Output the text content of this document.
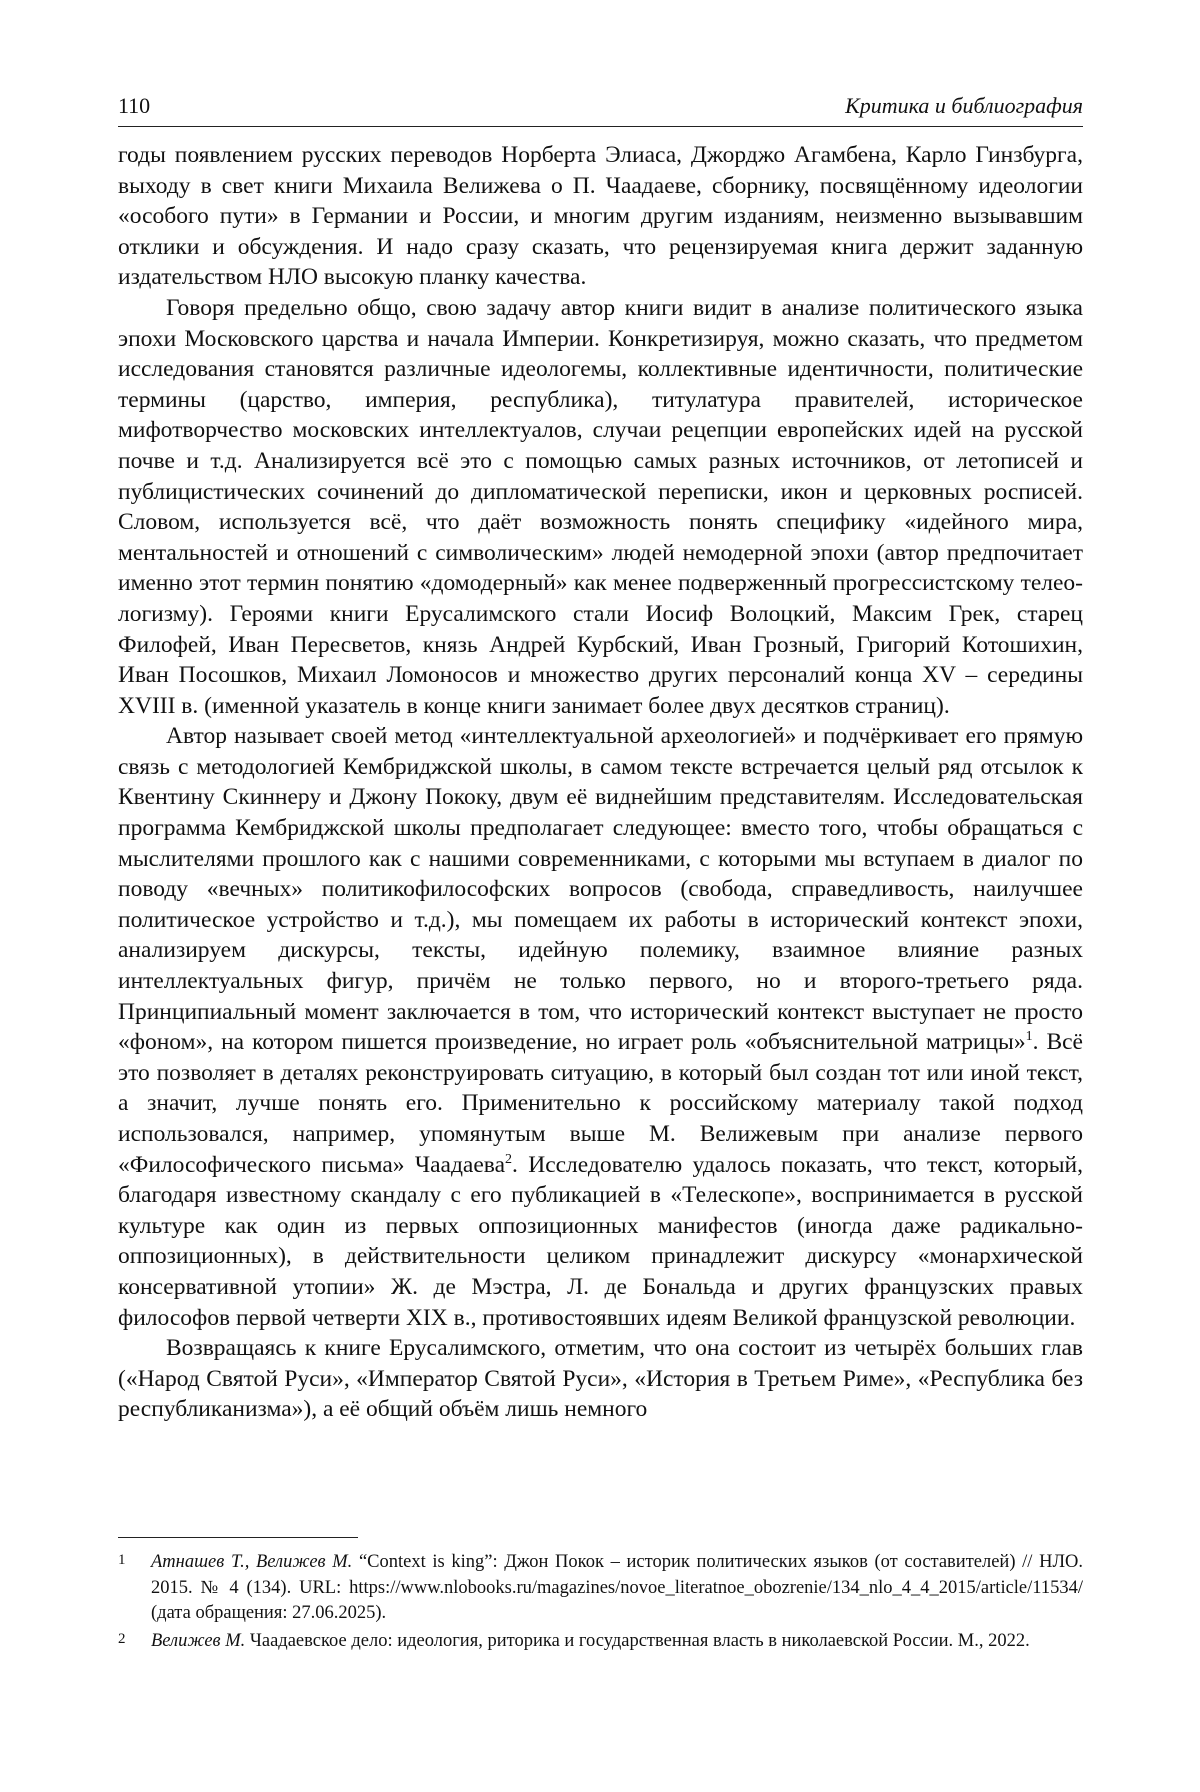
110	Критика и библиография

годы появлением русских переводов Норберта Элиаса, Джорджо Агамбена, Карло Гинзбурга, выходу в свет книги Михаила Велижева о П. Чаадаеве, сборнику, посвящённому идеологии «особого пути» в Германии и России, и многим другим изданиям, неизменно вызывавшим отклики и обсуждения. И надо сразу сказать, что рецензируемая книга держит заданную издательством НЛО высокую планку качества.

Говоря предельно общо, свою задачу автор книги видит в анализе политического языка эпохи Московского царства и начала Империи. Конкретизируя, можно сказать, что предметом исследования становятся различные идеологемы, коллективные идентичности, политические термины (царство, империя, республика), титулатура правителей, историческое мифотворчество московских интеллектуалов, случаи рецепции европейских идей на русской почве и т.д. Анализируется всё это с помощью самых разных источников, от летописей и публицистических сочинений до дипломатической переписки, икон и церковных росписей. Словом, используется всё, что даёт возможность понять специфику «идейного мира, ментальностей и отношений с символическим» людей немодерной эпохи (автор предпочитает именно этот термин понятию «домодерный» как менее подверженный прогрессистскому телеологизму). Героями книги Ерусалимского стали Иосиф Волоцкий, Максим Грек, старец Филофей, Иван Пересветов, князь Андрей Курбский, Иван Грозный, Григорий Котошихин, Иван Посошков, Михаил Ломоносов и множество других персоналий конца XV – середины XVIII в. (именной указатель в конце книги занимает более двух десятков страниц).

Автор называет своей метод «интеллектуальной археологией» и подчёркивает его прямую связь с методологией Кембриджской школы, в самом тексте встречается целый ряд отсылок к Квентину Скиннеру и Джону Пококу, двум её виднейшим представителям. Исследовательская программа Кембриджской школы предполагает следующее: вместо того, чтобы обращаться с мыслителями прошлого как с нашими современниками, с которыми мы вступаем в диалог по поводу «вечных» политикофилософских вопросов (свобода, справедливость, наилучшее политическое устройство и т.д.), мы помещаем их работы в исторический контекст эпохи, анализируем дискурсы, тексты, идейную полемику, взаимное влияние разных интеллектуальных фигур, причём не только первого, но и второго-третьего ряда. Принципиальный момент заключается в том, что исторический контекст выступает не просто «фоном», на котором пишется произведение, но играет роль «объяснительной матрицы»$^1$. Всё это позволяет в деталях реконструировать ситуацию, в который был создан тот или иной текст, а значит, лучше понять его. Применительно к российскому материалу такой подход использовался, например, упомянутым выше М. Велижевым при анализе первого «Философического письма» Чаадаева$^2$. Исследователю удалось показать, что текст, который, благодаря известному скандалу с его публикацией в «Телескопе», воспринимается в русской культуре как один из первых оппозиционных манифестов (иногда даже радикально-оппозиционных), в действительности целиком принадлежит дискурсу «монархической консервативной утопии» Ж. де Мэстра, Л. де Бональда и других французских правых философов первой четверти XIX в., противостоявших идеям Великой французской революции.

Возвращаясь к книге Ерусалимского, отметим, что она состоит из четырёх больших глав («Народ Святой Руси», «Император Святой Руси», «История в Третьем Риме», «Республика без республиканизма»), а её общий объём лишь немного

1 Атнашев Т., Велижев М. “Context is king”: Джон Покок – историк политических языков (от составителей) // НЛО. 2015. № 4 (134). URL: https://www.nlobooks.ru/magazines/novoe_literatnoe_obozrenie/134_nlo_4_4_2015/article/11534/ (дата обращения: 27.06.2025).
2 Велижев М. Чаадаевское дело: идеология, риторика и государственная власть в николаевской России. М., 2022.
